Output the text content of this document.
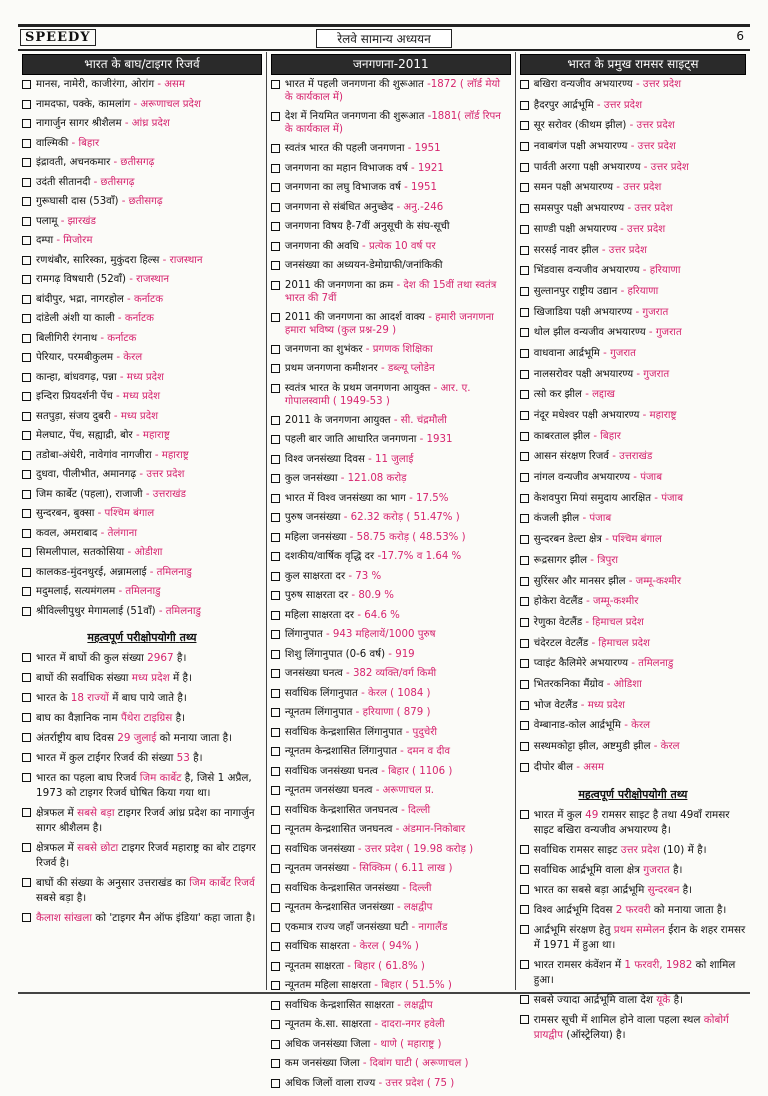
SPEEDY	रेलवे सामान्य अध्ययन	6
भारत के बाघ/टाइगर रिजर्व
मानस, नामेरी, काजीरंगा, ओरांग - असम
नामदफा, पक्के, कामलांग - अरूणाचल प्रदेश
नागार्जुन सागर श्रीशैलम - आंध्र प्रदेश
वाल्मिकी - बिहार
इंद्रावती, अचनकमार - छतीसगढ़
उदंती सीतानदी - छतीसगढ़
गुरूघासी दास (53वाँ) - छतीसगढ़
पलामू - झारखंड
दम्पा - मिजोरम
रणथंबौर, सारिस्का, मुकुंदरा हिल्स - राजस्थान
रामगढ़ विषधारी (52वाँ) - राजस्थान
बांदीपुर, भद्रा, नागरहोल - कर्नाटक
दांडेली अंशी या काली - कर्नाटक
बिलीगिरी रंगनाथ - कर्नाटक
पेरियार, परमबीकुलम - केरल
कान्हा, बांधवगढ़, पन्ना - मध्य प्रदेश
इन्दिरा प्रियदर्शनी पेंच - मध्य प्रदेश
सतपुड़ा, संजय दुबरी - मध्य प्रदेश
मेलघाट, पेंच, सह्याद्री, बोर - महाराष्ट्र
तडोबा-अंधेरी, नावेगांव नागजीरा - महाराष्ट्र
दुधवा, पीलीभीत, अमानगढ़ - उत्तर प्रदेश
जिम कार्बेट (पहला), राजाजी - उत्तराखंड
सुन्दरबन, बुक्सा - पश्चिम बंगाल
कवल, अमराबाद - तेलंगाना
सिमलीपाल, सतकोसिया - ओडीशा
कालकड-मुंदनथुरई, अन्नामलाई - तमिलनाडु
मदुमलाई, सत्यमंगलम - तमिलनाडु
श्रीविल्लीपुथुर मेगामलाई (51वाँ) - तमिलनाडु
महत्वपूर्ण परीक्षोपयोगी तथ्य
भारत में बाघों की कुल संख्या 2967 है।
बाघों की सर्वाधिक संख्या मध्य प्रदेश में है।
भारत के 18 राज्यों में बाघ पाये जाते है।
बाघ का वैज्ञानिक नाम पैंथेरा टाइग्रिस है।
अंतर्राष्ट्रीय बाघ दिवस 29 जुलाई को मनाया जाता है।
भारत में कुल टाईगर रिजर्व की संख्या 53 है।
भारत का पहला बाघ रिजर्व जिम कार्बेट है, जिसे 1 अप्रैल, 1973 को टाइगर रिजर्व घोषित किया गया था।
क्षेत्रफल में सबसे बड़ा टाइगर रिजर्व आंध्र प्रदेश का नागार्जुन सागर श्रीशैलम है।
क्षेत्रफल में सबसे छोटा टाइगर रिजर्व महाराष्ट्र का बोर टाइगर रिजर्व है।
बाघों की संख्या के अनुसार उत्तराखंड का जिम कार्बेट रिजर्व सबसे बड़ा है।
कैलाश सांखला को 'टाइगर मैन ऑफ इंडिया' कहा जाता है।
जनगणना-2011
भारत में पहली जनगणना की शुरूआत -1872 ( लॉर्ड मेयो के कार्यकाल में)
देश में नियमित जनगणना की शुरूआत -1881( लॉर्ड रिपन के कार्यकाल में)
स्वतंत्र भारत की पहली जनगणना - 1951
जनगणना का महान विभाजक वर्ष - 1921
जनगणना का लघु विभाजक वर्ष - 1951
जनगणना से संबंधित अनुच्छेद - अनु.-246
जनगणना विषय है-7वीं अनुसूची के संघ-सूची
जनगणना की अवधि - प्रत्येक 10 वर्ष पर
जनसंख्या का अध्ययन-डेमोग्राफी/जनांकिकी
2011 की जनगणना का क्रम - देश की 15वीं तथा स्वतंत्र भारत की 7वीं
2011 की जनगणना का आदर्श वाक्य - हमारी जनगणना हमारा भविष्य (कुल प्रश्न-29 )
जनगणना का शुभंकर - प्रगणक शिक्षिका
प्रथम जनगणना कमीशनर - डब्ल्यू प्लोडेन
स्वतंत्र भारत के प्रथम जनगणना आयुक्त - आर. ए. गोपालस्वामी ( 1949-53 )
2011 के जनगणना आयुक्त - सी. चंद्रमौली
पहली बार जाति आधारित जनगणना - 1931
विश्व जनसंख्या दिवस - 11 जुलाई
कुल जनसंख्या - 121.08 करोड़
भारत में विश्व जनसंख्या का भाग - 17.5%
पुरुष जनसंख्या - 62.32 करोड़ ( 51.47% )
महिला जनसंख्या - 58.75 करोड़ ( 48.53% )
दशकीय/वार्षिक वृद्धि दर -17.7% व 1.64 %
कुल साक्षरता दर - 73 %
पुरुष साक्षरता दर - 80.9 %
महिला साक्षरता दर - 64.6 %
लिंगानुपात - 943 महिलायें/1000 पुरुष
शिशु लिंगानुपात (0-6 वर्ष) - 919
जनसंख्या घनत्व - 382 व्यक्ति/वर्ग किमी
सर्वाधिक लिंगानुपात - केरल ( 1084 )
न्यूनतम लिंगानुपात - हरियाणा ( 879 )
सर्वाधिक केन्द्रशासित लिंगानुपात - पुदुचेरी
न्यूनतम केन्द्रशासित लिंगानुपात - दमन व दीव
सर्वाधिक जनसंख्या घनत्व - बिहार ( 1106 )
न्यूनतम जनसंख्या घनत्व - अरूणाचल प्र.
सर्वाधिक केन्द्रशासित जनघनत्व - दिल्ली
न्यूनतम केन्द्रशासित जनघनत्व - अंडमान-निकोबार
सर्वाधिक जनसंख्या - उत्तर प्रदेश ( 19.98 करोड़ )
न्यूनतम जनसंख्या - सिक्किम ( 6.11 लाख )
सर्वाधिक केन्द्रशासित जनसंख्या - दिल्ली
न्यूनतम केन्द्रशासित जनसंख्या - लक्षद्वीप
एकमात्र राज्य जहाँ जनसंख्या घटी - नागालैंड
सर्वाधिक साक्षरता - केरल ( 94% )
न्यूनतम साक्षरता - बिहार ( 61.8% )
न्यूनतम महिला साक्षरता - बिहार ( 51.5% )
सर्वाधिक केन्द्रशासित साक्षरता - लक्षद्वीप
न्यूनतम के.सा. साक्षरता - दादरा-नगर हवेली
अधिक जनसंख्या जिला - थाणे ( महाराष्ट्र )
कम जनसंख्या जिला - दिबांग घाटी ( अरूणाचल )
अधिक जिलों वाला राज्य - उत्तर प्रदेश ( 75 )
भारत के प्रमुख रामसर साइट्स
बखिरा वन्यजीव अभयारण्य - उत्तर प्रदेश
हैदरपुर आर्द्रभूमि - उत्तर प्रदेश
सूर सरोवर (कीथम झील) - उत्तर प्रदेश
नवाबगंज पक्षी अभयारण्य - उत्तर प्रदेश
पार्वती अरगा पक्षी अभयारण्य - उत्तर प्रदेश
समन पक्षी अभयारण्य - उत्तर प्रदेश
समसपुर पक्षी अभयारण्य - उत्तर प्रदेश
साण्डी पक्षी अभयारण्य - उत्तर प्रदेश
सरसई नावर झील - उत्तर प्रदेश
भिंडवास वन्यजीव अभयारण्य - हरियाणा
सुल्तानपुर राष्ट्रीय उद्यान - हरियाणा
खिजाडिया पक्षी अभयारण्य - गुजरात
थोल झील वन्यजीव अभयारण्य - गुजरात
वाधवाना आर्द्रभूमि - गुजरात
नालसरोवर पक्षी अभयारण्य - गुजरात
त्सो कर झील - लद्दाख
नंदूर मधेश्वर पक्षी अभयारण्य - महाराष्ट्र
काबरताल झील - बिहार
आसन संरक्षण रिजर्व - उत्तराखंड
नांगल वन्यजीव अभयारण्य - पंजाब
केशवपुरा मियां समुदाय आरक्षित - पंजाब
कंजली झील - पंजाब
सुन्दरबन डेल्टा क्षेत्र - पश्चिम बंगाल
रूद्रसागर झील - त्रिपुरा
सुरिंसर और मानसर झील - जम्मू-कश्मीर
होकेरा वेटलैंड - जम्मू-कश्मीर
रेणुका वेटलैंड - हिमाचल प्रदेश
चंदेरटल वेटलैंड - हिमाचल प्रदेश
प्वाइंट कैलिमेरे अभयारण्य - तमिलनाडु
भितरकनिका मैंग्रोव - ओडिशा
भोज वेटलैंड - मध्य प्रदेश
वेम्बानाड-कोल आर्द्रभूमि - केरल
सस्थमकोट्टा झील, अष्टमुडी झील - केरल
दीपोर बील - असम
महत्वपूर्ण परीक्षोपयोगी तथ्य
भारत में कुल 49 रामसर साइट है तथा 49वाँ रामसर साइट बखिरा वन्यजीव अभयारण्य है।
सर्वाधिक रामसर साइट उत्तर प्रदेश (10) में है।
सर्वाधिक आर्द्रभूमि वाला क्षेत्र गुजरात है।
भारत का सबसे बड़ा आर्द्रभूमि सुन्दरबन है।
विश्व आर्द्रभूमि दिवस 2 फरवरी को मनाया जाता है।
आर्द्रभूमि संरक्षण हेतु प्रथम सम्मेलन ईरान के शहर रामसर में 1971 में हुआ था।
भारत रामसर कंवेंशन में 1 फरवरी, 1982 को शामिल हुआ।
सबसे ज्यादा आर्द्रभूमि वाला देश यूके है।
रामसर सूची में शामिल होने वाला पहला स्थल कोबोर्ग प्रायद्वीप (ऑस्ट्रेलिया) है।
